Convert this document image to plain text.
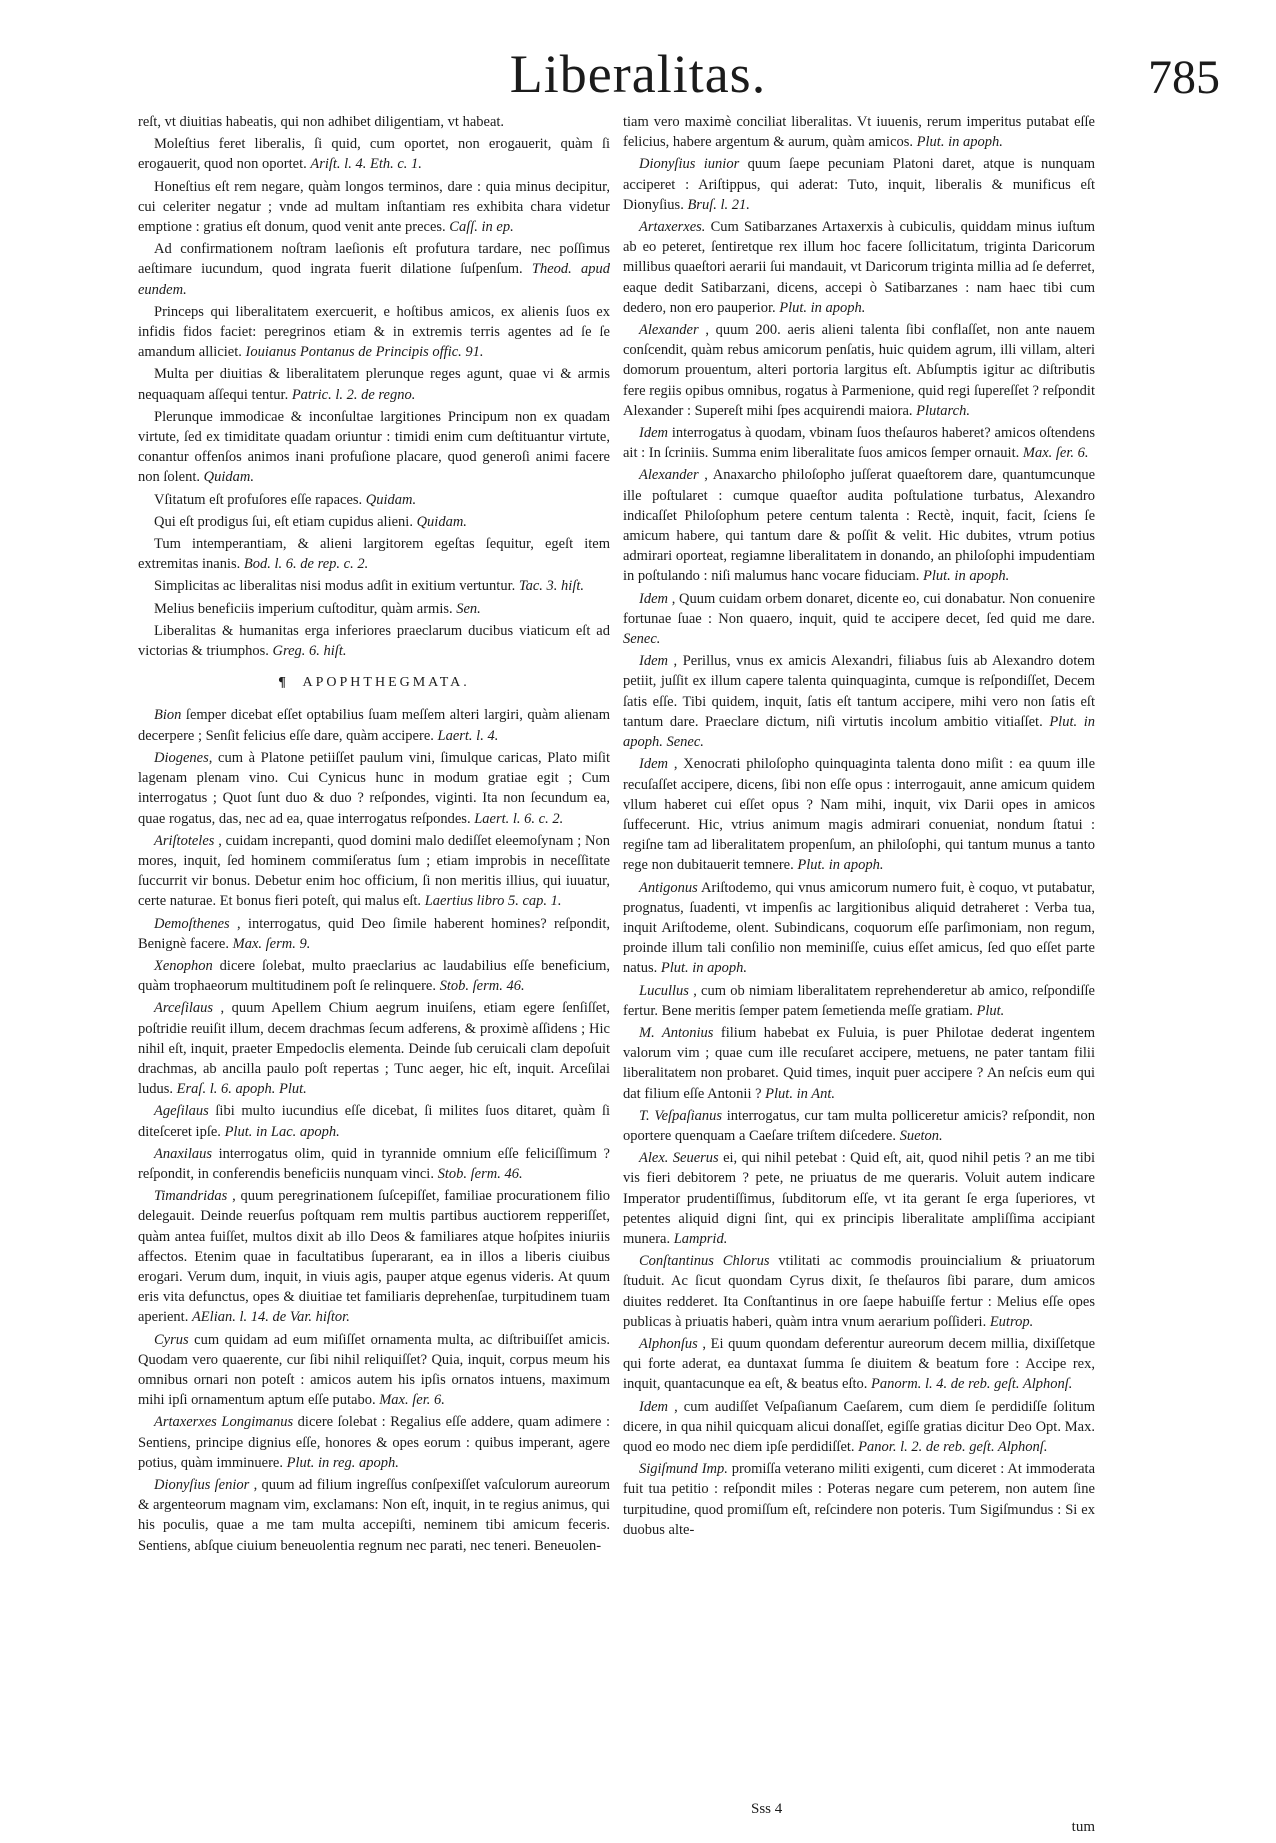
Liberalitas.	785

reſt, vt diuitias habeatis, qui non adhibet diligentiam, vt habeat.

Moleſtius feret liberalis, ſi quid, cum oportet, non erogauerit, quàm ſi erogauerit, quod non oportet. Ariſt. l. 4. Eth. c. 1.

Honeſtius eſt rem negare, quàm longos terminos, dare : quia minus decipitur, cui celeriter negatur ; vnde ad multam inſtantiam res exhibita chara videtur emptione : gratius eſt donum, quod venit ante preces. Caſſ. in ep.

Ad confirmationem noſtram laeſionis eſt profutura tardare, nec poſſimus aeſtimare iucundum, quod ingrata fuerit dilatione ſuſpenſum. Theod. apud eundem.

Princeps qui liberalitatem exercuerit, e hoſtibus amicos, ex alienis ſuos ex infidis fidos faciet: peregrinos etiam & in extremis terris agentes ad ſe ſe amandum alliciet. Iouianus Pontanus de Principis offic. 91.

Multa per diuitias & liberalitatem plerunque reges agunt, quae vi & armis nequaquam aſſequi tentur. Patric. l. 2. de regno.

Plerunque immodicae & inconſultae largitiones Principum non ex quadam virtute, ſed ex timiditate quadam oriuntur : timidi enim cum deſtituantur virtute, conantur offenſos animos inani profuſione placare, quod generoſi animi facere non ſolent. Quidam.

Vſitatum eſt profuſores eſſe rapaces. Quidam.

Qui eſt prodigus ſui, eſt etiam cupidus alieni. Quidam.

Tum intemperantiam, & alieni largitorem egeſtas ſequitur, egeſt item extremitas inanis. Bod. l. 6. de rep. c. 2.

Simplicitas ac liberalitas nisi modus adſit in exitium vertuntur. Tac. 3. hiſt.

Melius beneficiis imperium cuſtoditur, quàm armis. Sen.

Liberalitas & humanitas erga inferiores praeclarum ducibus viaticum eſt ad victorias & triumphos. Greg. 6. hiſt.

¶ APOPHTHEGMATA.

Bion ſemper dicebat eſſet optabilius ſuam meſſem alteri largiri, quàm alienam decerpere ; Senſit felicius eſſe dare, quàm accipere. Laert. l. 4.

Diogenes, cum à Platone petiiſſet paulum vini, ſimulque caricas, Plato miſit lagenam plenam vino. Cui Cynicus hunc in modum gratiae egit ; Cum interrogatus ; Quot ſunt duo & duo ? reſpondes, viginti. Ita non ſecundum ea, quae rogatus, das, nec ad ea, quae interrogatus reſpondes. Laert. l. 6. c. 2.

Ariſtoteles , cuidam increpanti, quod domini malo dediſſet eleemoſynam ; Non mores, inquit, ſed hominem commiſeratus ſum ; etiam improbis in neceſſitate ſuccurrit vir bonus. Debetur enim hoc officium, ſi non meritis illius, qui iuuatur, certe naturae. Et bonus fieri poteſt, qui malus eſt. Laertius libro 5. cap. 1.

Demoſthenes , interrogatus, quid Deo ſimile haberent homines? reſpondit, Benignè facere. Max. ſerm. 9.

Xenophon dicere ſolebat, multo praeclarius ac laudabilius eſſe beneficium, quàm trophaeorum multitudinem poſt ſe relinquere. Stob. ſerm. 46.

Arceſilaus , quum Apellem Chium aegrum inuiſens, etiam egere ſenſiſſet, poſtridie reuiſit illum, decem drachmas ſecum adferens, & proximè aſſidens ; Hic nihil eſt, inquit, praeter Empedoclis elementa. Deinde ſub ceruicali clam depoſuit drachmas, ab ancilla paulo poſt repertas ; Tunc aeger, hic eſt, inquit. Arceſilai ludus. Eraſ. l. 6. apoph. Plut.

Ageſilaus ſibi multo iucundius eſſe dicebat, ſi milites ſuos ditaret, quàm ſi diteſceret ipſe. Plut. in Lac. apoph.

Anaxilaus interrogatus olim, quid in tyrannide omnium eſſe feliciſſimum ? reſpondit, in conferendis beneficiis nunquam vinci. Stob. ſerm. 46.

Timandridas , quum peregrinationem ſuſcepiſſet, familiae procurationem filio delegauit. Deinde reuerſus poſtquam rem multis partibus auctiorem repperiſſet, quàm antea fuiſſet, multos dixit ab illo Deos & familiares atque hoſpites iniuriis affectos. Etenim quae in facultatibus ſuperarant, ea in illos a liberis ciuibus erogari. Verum dum, inquit, in viuis agis, pauper atque egenus videris. At quum eris vita defunctus, opes & diuitiae tet familiaris deprehenſae, turpitudinem tuam aperient. AElian. l. 14. de Var. hiſtor.

Cyrus cum quidam ad eum miſiſſet ornamenta multa, ac diſtribuiſſet amicis. Quodam vero quaerente, cur ſibi nihil reliquiſſet? Quia, inquit, corpus meum his omnibus ornari non poteſt : amicos autem his ipſis ornatos intuens, maximum mihi ipſi ornamentum aptum eſſe putabo. Max. ſer. 6.

Artaxerxes Longimanus dicere ſolebat : Regalius eſſe addere, quam adimere : Sentiens, principe dignius eſſe, honores & opes eorum : quibus imperant, agere potius, quàm imminuere. Plut. in reg. apoph.

Dionyſius ſenior , quum ad filium ingreſſus conſpexiſſet vaſculorum aureorum & argenteorum magnam vim, exclamans: Non eſt, inquit, in te regius animus, qui his poculis, quae a me tam multa accepiſti, neminem tibi amicum feceris. Sentiens, abſque ciuium beneuolentia regnum nec parati, nec teneri. Beneuolen-

tiam vero maximè conciliat liberalitas. Vt iuuenis, rerum imperitus putabat eſſe felicius, habere argentum & aurum, quàm amicos. Plut. in apoph.

Dionyſius iunior quum ſaepe pecuniam Platoni daret, atque is nunquam acciperet : Ariſtippus, qui aderat: Tuto, inquit, liberalis & munificus eſt Dionyſius. Bruſ. l. 21.

Artaxerxes. Cum Satibarzanes Artaxerxis à cubiculis, quiddam minus iuſtum ab eo peteret, ſentiretque rex illum hoc facere ſollicitatum, triginta Daricorum millibus quaeſtori aerarii ſui mandauit, vt Daricorum triginta millia ad ſe deferret, eaque dedit Satibarzani, dicens, accepi ò Satibarzanes : nam haec tibi cum dedero, non ero pauperior. Plut. in apoph.

Alexander , quum 200. aeris alieni talenta ſibi conflaſſet, non ante nauem conſcendit, quàm rebus amicorum penſatis, huic quidem agrum, illi villam, alteri domorum prouentum, alteri portoria largitus eſt. Abſumptis igitur ac diſtributis fere regiis opibus omnibus, rogatus à Parmenione, quid regi ſupereſſet ? reſpondit Alexander : Supereſt mihi ſpes acquirendi maiora. Plutarch.

Idem interrogatus à quodam, vbinam ſuos theſauros haberet? amicos oſtendens ait : In ſcriniis. Summa enim liberalitate ſuos amicos ſemper ornauit. Max. ſer. 6.

Alexander , Anaxarcho philoſopho juſſerat quaeſtorem dare, quantumcunque ille poſtularet : cumque quaeſtor audita poſtulatione turbatus, Alexandro indicaſſet Philoſophum petere centum talenta : Rectè, inquit, facit, ſciens ſe amicum habere, qui tantum dare & poſſit & velit. Hic dubites, vtrum potius admirari oporteat, regiamne liberalitatem in donando, an philoſophi impudentiam in poſtulando : niſi malumus hanc vocare fiduciam. Plut. in apoph.

Idem , Quum cuidam orbem donaret, dicente eo, cui donabatur. Non conuenire fortunae ſuae : Non quaero, inquit, quid te accipere decet, ſed quid me dare. Senec.

Idem , Perillus, vnus ex amicis Alexandri, filiabus ſuis ab Alexandro dotem petiit, juſſit ex illum capere talenta quinquaginta, cumque is reſpondiſſet, Decem ſatis eſſe. Tibi quidem, inquit, ſatis eſt tantum accipere, mihi vero non ſatis eſt tantum dare. Praeclare dictum, niſi virtutis incolum ambitio vitiaſſet. Plut. in apoph. Senec.

Idem , Xenocrati philoſopho quinquaginta talenta dono miſit : ea quum ille recuſaſſet accipere, dicens, ſibi non eſſe opus : interrogauit, anne amicum quidem vllum haberet cui eſſet opus ? Nam mihi, inquit, vix Darii opes in amicos ſuffecerunt. Hic, vtrius animum magis admirari conueniat, nondum ſtatui : regiſne tam ad liberalitatem propenſum, an philoſophi, qui tantum munus a tanto rege non dubitauerit temnere. Plut. in apoph.

Antigonus Ariſtodemo, qui vnus amicorum numero fuit, è coquo, vt putabatur, prognatus, ſuadenti, vt impenſis ac largitionibus aliquid detraheret : Verba tua, inquit Ariſtodeme, olent. Subindicans, coquorum eſſe parſimoniam, non regum, proinde illum tali conſilio non meminiſſe, cuius eſſet amicus, ſed quo eſſet parte natus. Plut. in apoph.

Lucullus , cum ob nimiam liberalitatem reprehenderetur ab amico, reſpondiſſe fertur. Bene meritis ſemper patem ſemetienda meſſe gratiam. Plut.

M. Antonius filium habebat ex Fuluia, is puer Philotae dederat ingentem valorum vim ; quae cum ille recuſaret accipere, metuens, ne pater tantam filii liberalitatem non probaret. Quid times, inquit puer accipere ? An neſcis eum qui dat filium eſſe Antonii ? Plut. in Ant.

T. Veſpaſianus interrogatus, cur tam multa polliceretur amicis? reſpondit, non oportere quenquam a Caeſare triſtem diſcedere. Sueton.

Alex. Seuerus ei, qui nihil petebat : Quid eſt, ait, quod nihil petis ? an me tibi vis fieri debitorem ? pete, ne priuatus de me queraris. Voluit autem indicare Imperator prudentiſſimus, ſubditorum eſſe, vt ita gerant ſe erga ſuperiores, vt petentes aliquid digni ſint, qui ex principis liberalitate ampliſſima accipiant munera. Lamprid.

Conſtantinus Chlorus vtilitati ac commodis prouincialium & priuatorum ſtuduit. Ac ſicut quondam Cyrus dixit, ſe theſauros ſibi parare, dum amicos diuites redderet. Ita Conſtantinus in ore ſaepe habuiſſe fertur : Melius eſſe opes publicas à priuatis haberi, quàm intra vnum aerarium poſſideri. Eutrop.

Alphonſus , Ei quum quondam deferentur aureorum decem millia, dixiſſetque qui forte aderat, ea duntaxat ſumma ſe diuitem & beatum fore : Accipe rex, inquit, quantacunque ea eſt, & beatus eſto. Panorm. l. 4. de reb. geſt. Alphonſ.

Idem , cum audiſſet Veſpaſianum Caeſarem, cum diem ſe perdidiſſe ſolitum dicere, in qua nihil quicquam alicui donaſſet, egiſſe gratias dicitur Deo Opt. Max. quod eo modo nec diem ipſe perdidiſſet. Panor. l. 2. de reb. geſt. Alphonſ.

Sigiſmund Imp. promiſſa veterano militi exigenti, cum diceret : At immoderata fuit tua petitio : reſpondit miles : Poteras negare cum peterem, non autem ſine turpitudine, quod promiſſum eſt, reſcindere non poteris. Tum Sigiſmundus : Si ex duobus alte-

Sss 4
tum
